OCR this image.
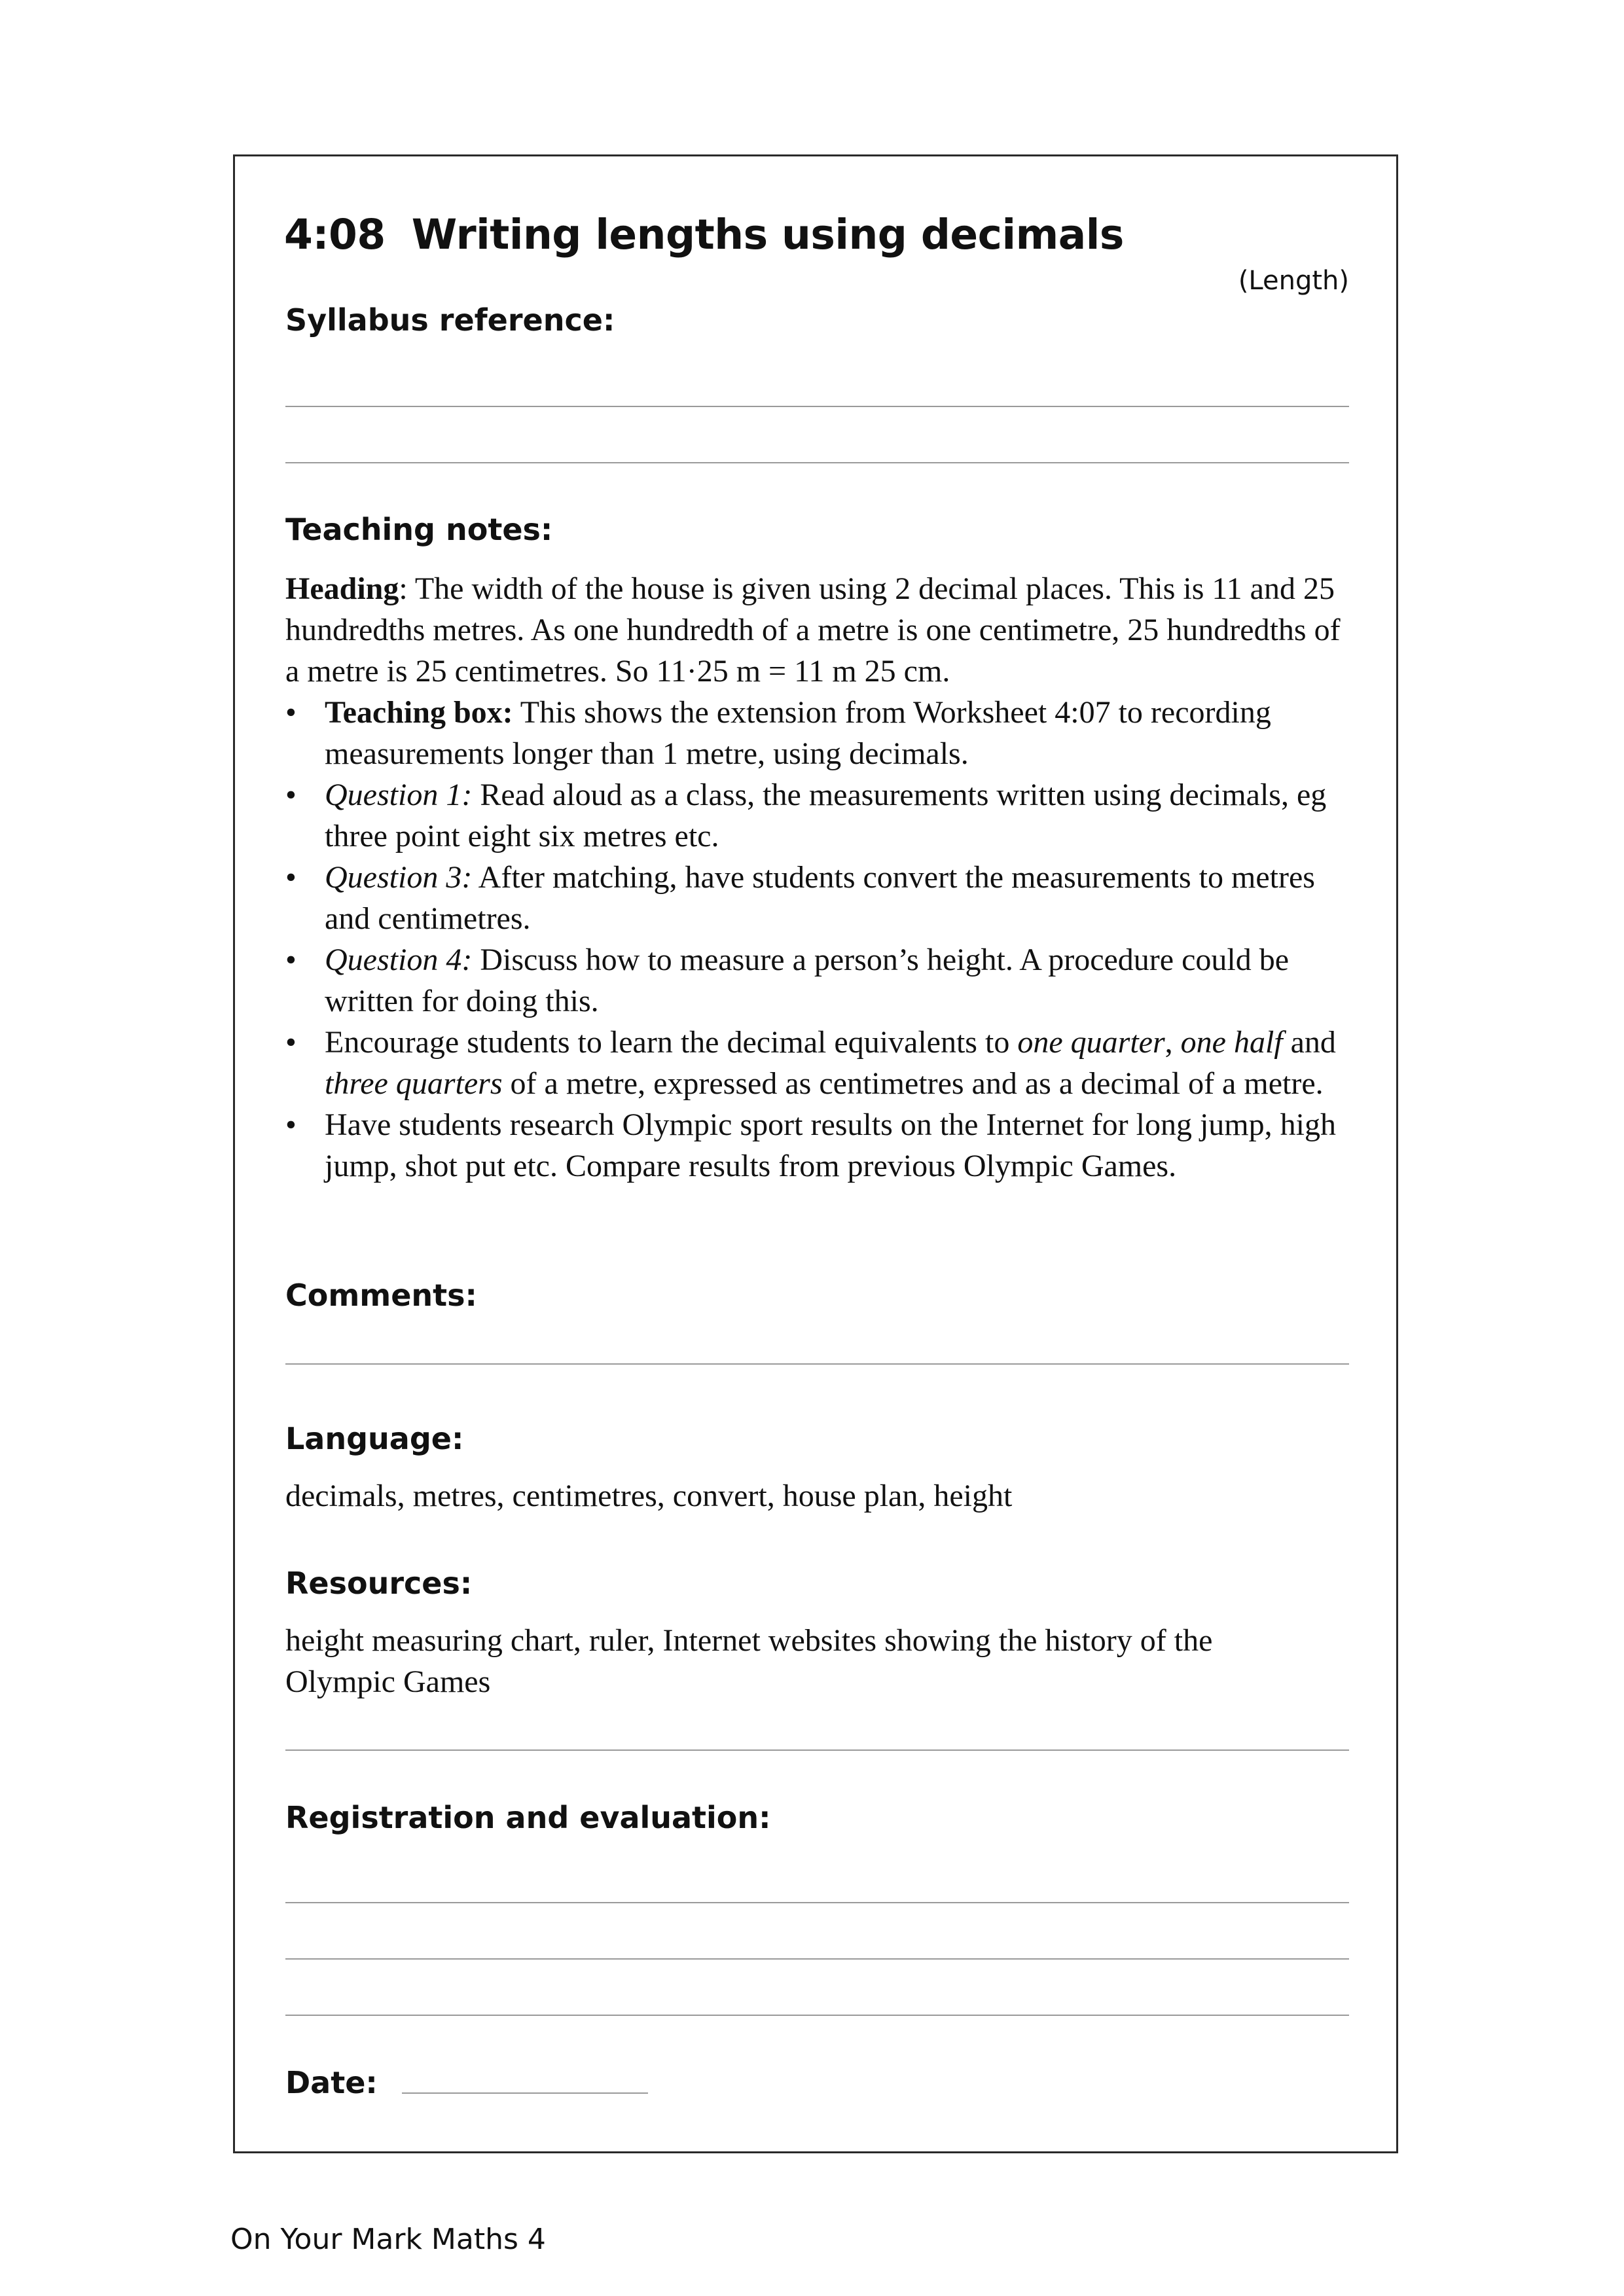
4:08 Writing lengths using decimals
(Length)
Syllabus reference:
Teaching notes:

Heading: The width of the house is given using 2 decimal places. This is 11 and 25 hundredths metres. As one hundredth of a metre is one centimetre, 25 hundredths of a metre is 25 centimetres. So 11·25 m = 11 m 25 cm.

• Teaching box: This shows the extension from Worksheet 4:07 to recording measurements longer than 1 metre, using decimals.
• Question 1: Read aloud as a class, the measurements written using decimals, eg three point eight six metres etc.
• Question 3: After matching, have students convert the measurements to metres and centimetres.
• Question 4: Discuss how to measure a person’s height. A procedure could be written for doing this.
• Encourage students to learn the decimal equivalents to one quarter, one half and three quarters of a metre, expressed as centimetres and as a decimal of a metre.
• Have students research Olympic sport results on the Internet for long jump, high jump, shot put etc. Compare results from previous Olympic Games.
Comments:
Language:
decimals, metres, centimetres, convert, house plan, height
Resources:
height measuring chart, ruler, Internet websites showing the history of the Olympic Games
Registration and evaluation:
Date:
On Your Mark Maths 4
